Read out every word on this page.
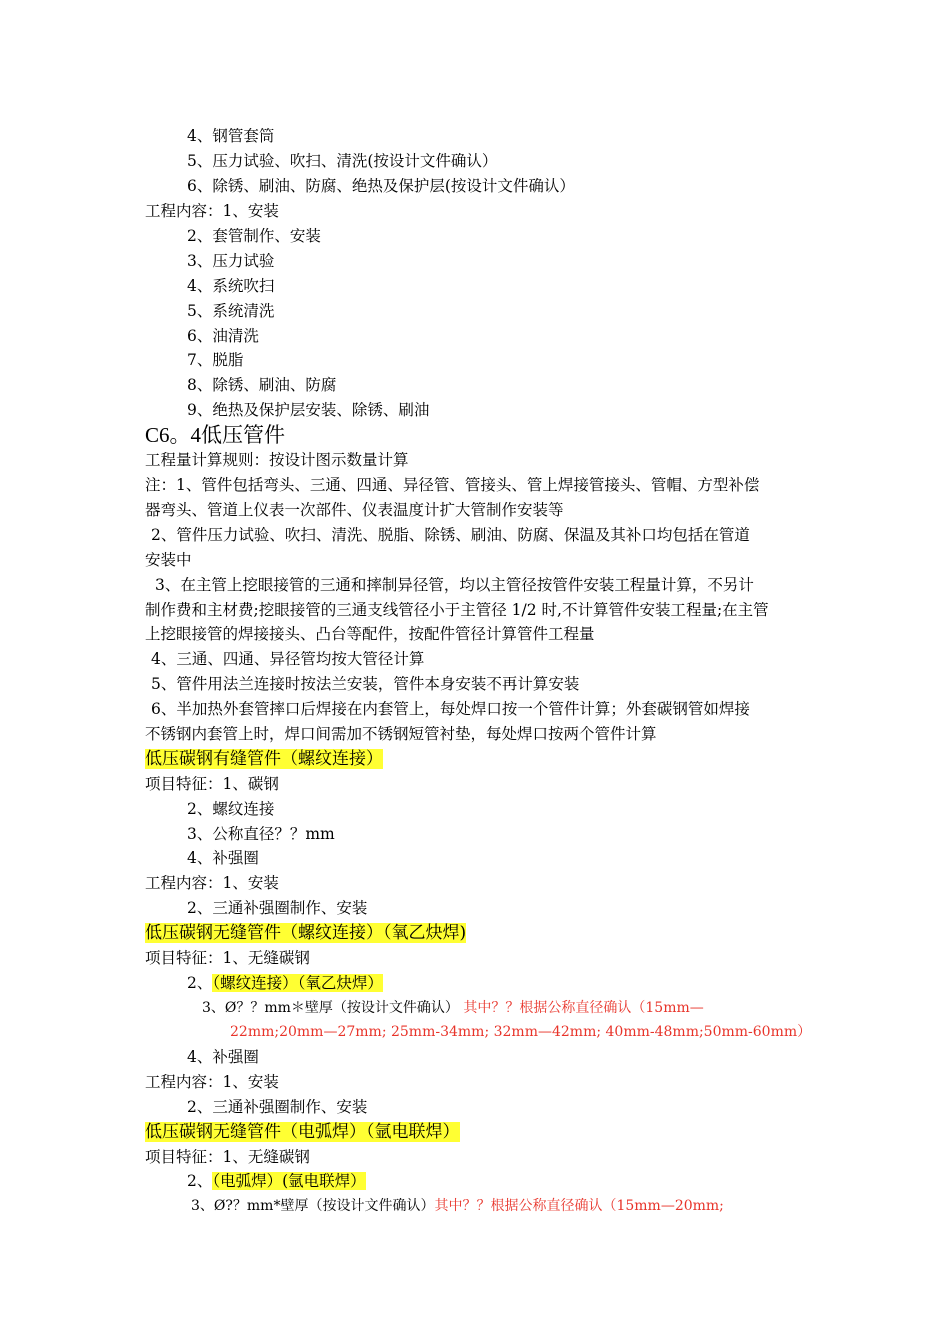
4、钢管套筒
5、压力试验、吹扫、清洗(按设计文件确认）
6、除锈、刷油、防腐、绝热及保护层(按设计文件确认）
工程内容：1、安装
2、套管制作、安装
3、压力试验
4、系统吹扫
5、系统清洗
6、油清洗
7、脱脂
8、除锈、刷油、防腐
9、绝热及保护层安装、除锈、刷油
C6。4低压管件
工程量计算规则：按设计图示数量计算
注：1、管件包括弯头、三通、四通、异径管、管接头、管上焊接管接头、管帽、方型补偿
器弯头、管道上仪表一次部件、仪表温度计扩大管制作安装等
2、管件压力试验、吹扫、清洗、脱脂、除锈、刷油、防腐、保温及其补口均包括在管道
安装中
3、在主管上挖眼接管的三通和摔制异径管，均以主管径按管件安装工程量计算，不另计
制作费和主材费;挖眼接管的三通支线管径小于主管径 1/2 时,不计算管件安装工程量;在主管
上挖眼接管的焊接接头、凸台等配件，按配件管径计算管件工程量
4、三通、四通、异径管均按大管径计算
5、管件用法兰连接时按法兰安装，管件本身安装不再计算安装
6、半加热外套管摔口后焊接在内套管上，每处焊口按一个管件计算；外套碳钢管如焊接
不锈钢内套管上时，焊口间需加不锈钢短管衬垫，每处焊口按两个管件计算
低压碳钢有缝管件（螺纹连接）
项目特征：1、碳钢
2、螺纹连接
3、公称直径？？mm
4、补强圈
工程内容：1、安装
2、三通补强圈制作、安装
低压碳钢无缝管件（螺纹连接）（氧乙炔焊)
项目特征：1、无缝碳钢
2、（螺纹连接）（氧乙炔焊）
3、Ø？？mm＊壁厚（按设计文件确认） 其中？？根据公称直径确认（15mm—
22mm;20mm—27mm; 25mm-34mm; 32mm—42mm; 40mm-48mm;50mm-60mm）
4、补强圈
工程内容：1、安装
2、三通补强圈制作、安装
低压碳钢无缝管件（电弧焊）（氩电联焊）
项目特征：1、无缝碳钢
2、（电弧焊）(氩电联焊）
3、Ø?？mm*壁厚（按设计文件确认）其中？？根据公称直径确认（15mm—20mm;
